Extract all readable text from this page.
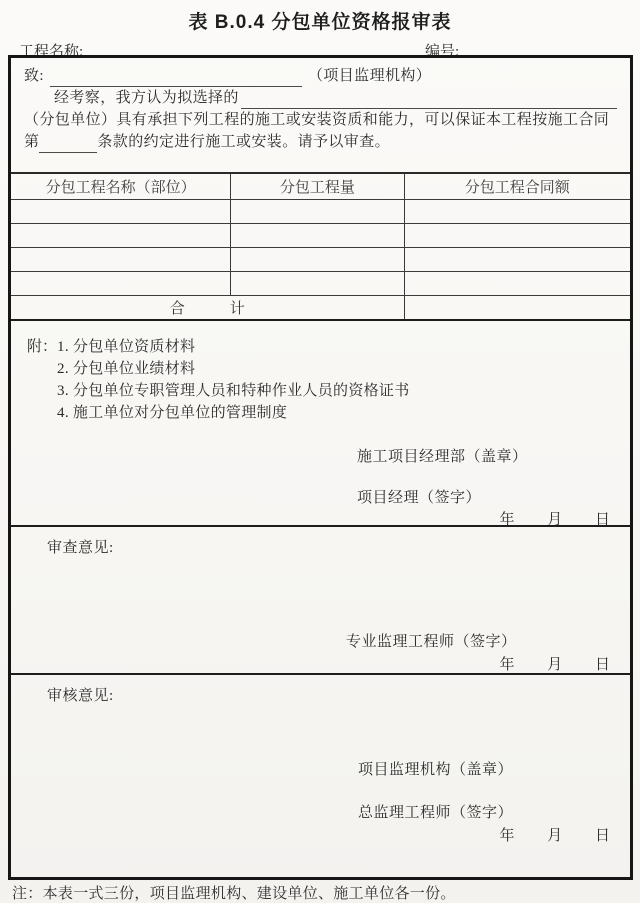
表 B.0.4 分包单位资格报审表
工程名称:	编号:
致:	（项目监理机构）
经考察，我方认为拟选择的
（分包单位）具有承担下列工程的施工或安装资质和能力，可以保证本工程按施工合同
第	条款的约定进行施工或安装。请予以审查。
分包工程名称（部位）	分包工程量	分包工程合同额

合　　　计		
附： 1. 分包单位资质材料
2. 分包单位业绩材料
3. 分包单位专职管理人员和特种作业人员的资格证书
4. 施工单位对分包单位的管理制度
施工项目经理部（盖章）
项目经理（签字）
年 月 日
审查意见:
专业监理工程师（签字）
年 月 日
审核意见:
项目监理机构（盖章）
总监理工程师（签字）
年 月 日
注：本表一式三份，项目监理机构、建设单位、施工单位各一份。
